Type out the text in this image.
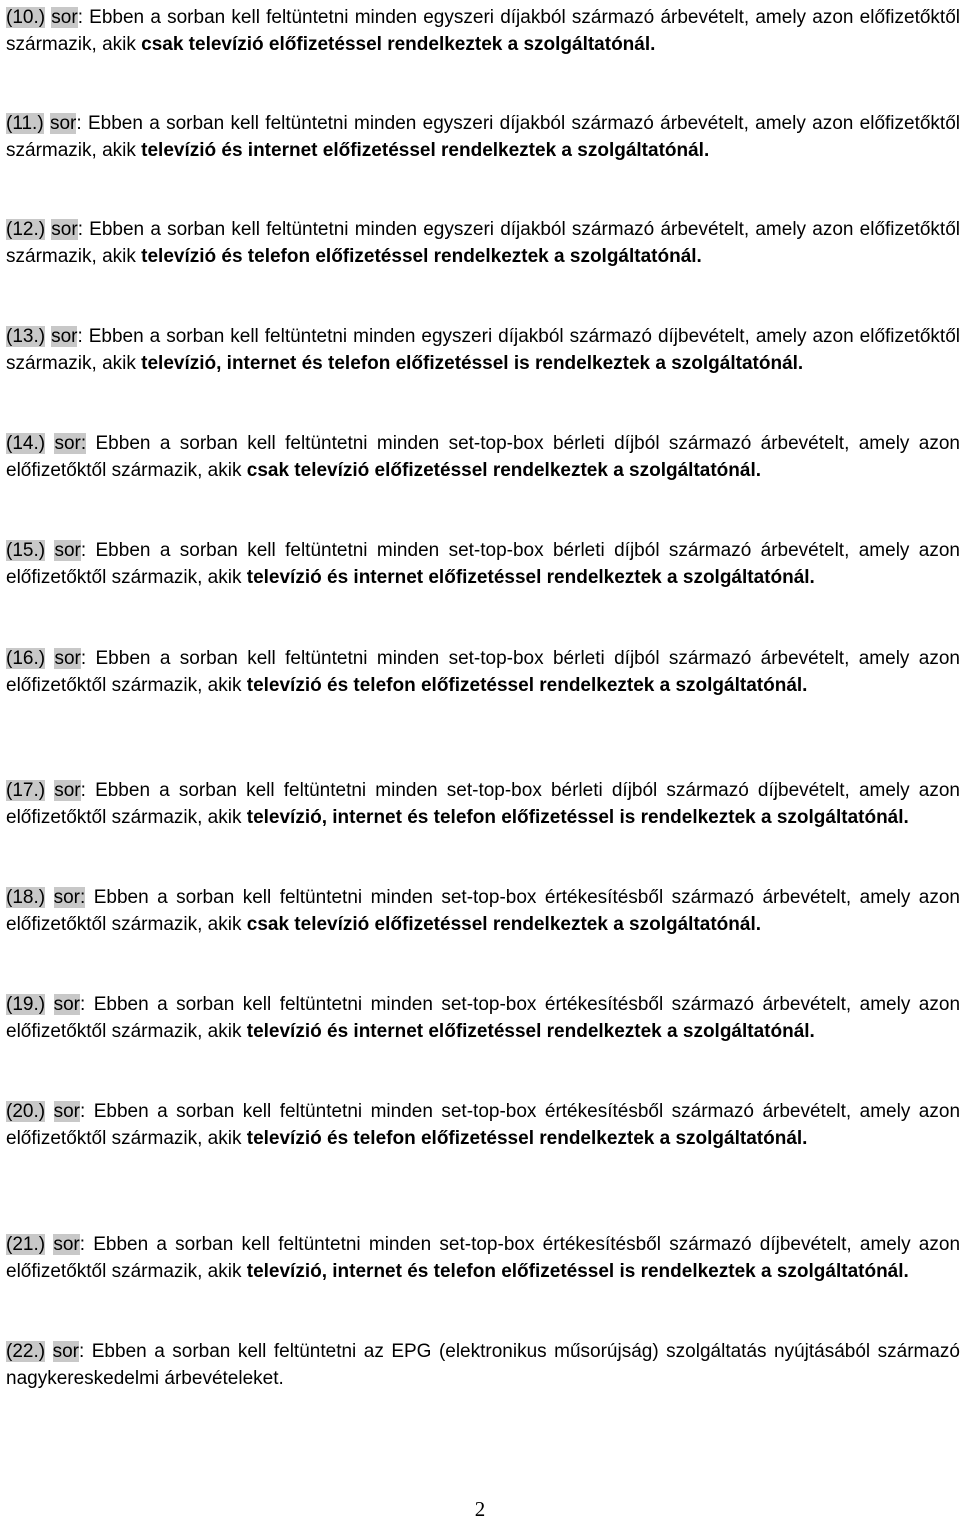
(10.) sor: Ebben a sorban kell feltüntetni minden egyszeri díjakból származó árbevételt, amely azon előfizetőktől származik, akik csak televízió előfizetéssel rendelkeztek a szolgáltatónál.

(11.) sor: Ebben a sorban kell feltüntetni minden egyszeri díjakból származó árbevételt, amely azon előfizetőktől származik, akik televízió és internet előfizetéssel rendelkeztek a szolgáltatónál.

(12.) sor: Ebben a sorban kell feltüntetni minden egyszeri díjakból származó árbevételt, amely azon előfizetőktől származik, akik televízió és telefon előfizetéssel rendelkeztek a szolgáltatónál.

(13.) sor: Ebben a sorban kell feltüntetni minden egyszeri díjakból származó díjbevételt, amely azon előfizetőktől származik, akik televízió, internet és telefon előfizetéssel is rendelkeztek a szolgáltatónál.

(14.) sor: Ebben a sorban kell feltüntetni minden set-top-box bérleti díjból származó árbevételt, amely azon előfizetőktől származik, akik csak televízió előfizetéssel rendelkeztek a szolgáltatónál.

(15.) sor: Ebben a sorban kell feltüntetni minden set-top-box bérleti díjból származó árbevételt, amely azon előfizetőktől származik, akik televízió és internet előfizetéssel rendelkeztek a szolgáltatónál.

(16.) sor: Ebben a sorban kell feltüntetni minden set-top-box bérleti díjból származó árbevételt, amely azon előfizetőktől származik, akik televízió és telefon előfizetéssel rendelkeztek a szolgáltatónál.

(17.) sor: Ebben a sorban kell feltüntetni minden set-top-box bérleti díjból származó díjbevételt, amely azon előfizetőktől származik, akik televízió, internet és telefon előfizetéssel is rendelkeztek a szolgáltatónál.

(18.) sor: Ebben a sorban kell feltüntetni minden set-top-box értékesítésből származó árbevételt, amely azon előfizetőktől származik, akik csak televízió előfizetéssel rendelkeztek a szolgáltatónál.

(19.) sor: Ebben a sorban kell feltüntetni minden set-top-box értékesítésből származó árbevételt, amely azon előfizetőktől származik, akik televízió és internet előfizetéssel rendelkeztek a szolgáltatónál.

(20.) sor: Ebben a sorban kell feltüntetni minden set-top-box értékesítésből származó árbevételt, amely azon előfizetőktől származik, akik televízió és telefon előfizetéssel rendelkeztek a szolgáltatónál.

(21.) sor: Ebben a sorban kell feltüntetni minden set-top-box értékesítésből származó díjbevételt, amely azon előfizetőktől származik, akik televízió, internet és telefon előfizetéssel is rendelkeztek a szolgáltatónál.

(22.) sor: Ebben a sorban kell feltüntetni az EPG (elektronikus műsorújság) szolgáltatás nyújtásából származó nagykereskedelmi árbevételeket.

2
